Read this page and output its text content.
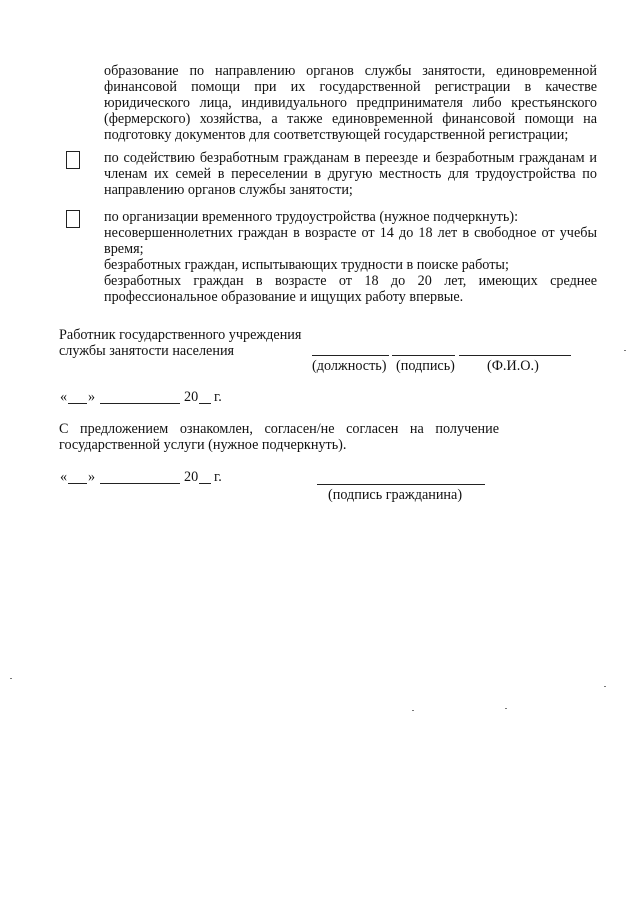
образование по направлению органов службы занятости, единовременной
финансовой помощи при их государственной регистрации в качестве
юридического лица, индивидуального предпринимателя либо крестьянского
(фермерского) хозяйства, а также единовременной финансовой помощи на
подготовку документов для соответствующей государственной регистрации;
по содействию безработным гражданам в переезде и безработным гражданам и
членам их семей в переселении в другую местность для трудоустройства по
направлению органов службы занятости;
по организации временного трудоустройства (нужное подчеркнуть):
несовершеннолетних граждан в возрасте от 14 до 18 лет в свободное от учебы
время;
безработных граждан, испытывающих трудности в поиске работы;
безработных граждан в возрасте от 18 до 20 лет, имеющих среднее
профессиональное образование и ищущих работу впервые.
Работник государственного учреждения
службы занятости населения
(должность) (подпись) (Ф.И.О.)
« »	20 г.
С предложением ознакомлен, согласен/не согласен на получение
государственной услуги (нужное подчеркнуть).
« »	20 г.
(подпись гражданина)
